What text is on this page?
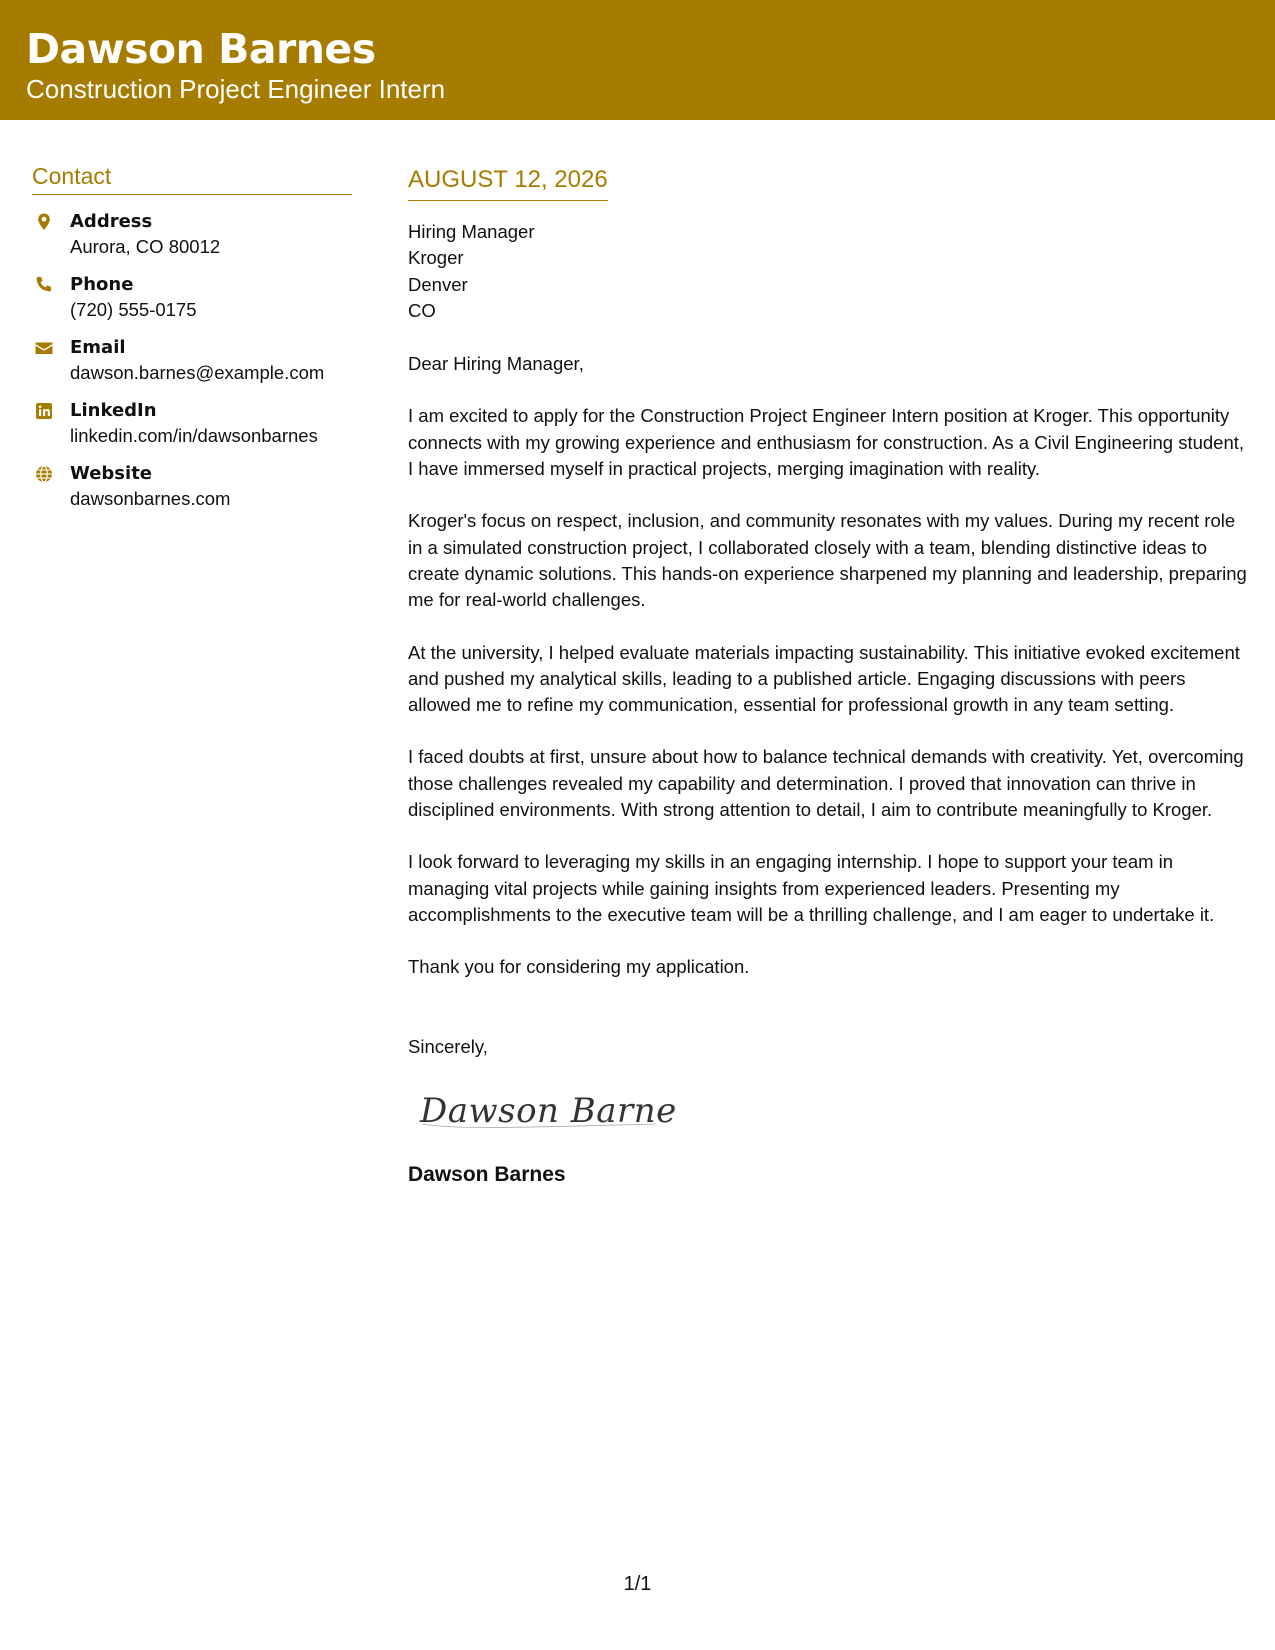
Dawson Barnes
Construction Project Engineer Intern
Contact
Address
Aurora, CO 80012
Phone
(720) 555-0175
Email
dawson.barnes@example.com
LinkedIn
linkedin.com/in/dawsonbarnes
Website
dawsonbarnes.com
AUGUST 12, 2026
Hiring Manager
Kroger
Denver
CO
Dear Hiring Manager,
I am excited to apply for the Construction Project Engineer Intern position at Kroger. This opportunity connects with my growing experience and enthusiasm for construction. As a Civil Engineering student, I have immersed myself in practical projects, merging imagination with reality.
Kroger's focus on respect, inclusion, and community resonates with my values. During my recent role in a simulated construction project, I collaborated closely with a team, blending distinctive ideas to create dynamic solutions. This hands-on experience sharpened my planning and leadership, preparing me for real-world challenges.
At the university, I helped evaluate materials impacting sustainability. This initiative evoked excitement and pushed my analytical skills, leading to a published article. Engaging discussions with peers allowed me to refine my communication, essential for professional growth in any team setting.
I faced doubts at first, unsure about how to balance technical demands with creativity. Yet, overcoming those challenges revealed my capability and determination. I proved that innovation can thrive in disciplined environments. With strong attention to detail, I aim to contribute meaningfully to Kroger.
I look forward to leveraging my skills in an engaging internship. I hope to support your team in managing vital projects while gaining insights from experienced leaders. Presenting my accomplishments to the executive team will be a thrilling challenge, and I am eager to undertake it.
Thank you for considering my application.
Sincerely,
Dawson Barnes
Dawson Barnes
1/1
